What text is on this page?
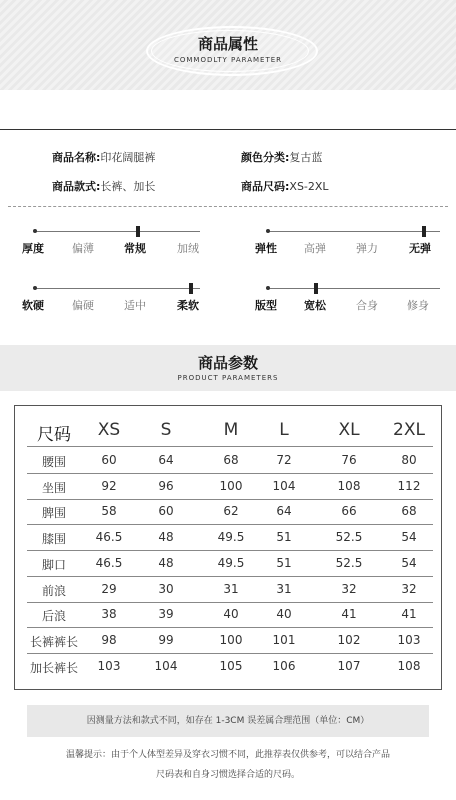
商品属性
COMMODLTY PARAMETER
商品名称:印花阔腿裤	颜色分类:复古蓝
商品款式:长裤、加长	商品尺码:XS-2XL
厚度	偏薄	常规	加绒	弹性 高弹	弹力	无弹
软硬	偏硬	适中	柔软	版型 宽松	合身	修身
商品参数
PRODUCT PARAMETERS
尺码	XS	S	M	L	XL	2XL
腰围	60	64	68	72	76	80
坐围	92	96	100	104	108	112
脾围	58	60	62	64	66	68
膝围	46.5	48	49.5	51	52.5	54
脚口	46.5	48	49.5	51	52.5	54
前浪	29	30	31	31	32	32
后浪	38	39	40	40	41	41
长裤裤长	98	99	100	101	102	103
加长裤长	103	104	105	106	107	108
因测量方法和款式不同，如存在 1-3CM 误差属合理范围（单位：CM）
温馨提示：由于个人体型差异及穿衣习惯不同，此推荐表仅供参考，可以结合产品
尺码表和自身习惯选择合适的尺码。
